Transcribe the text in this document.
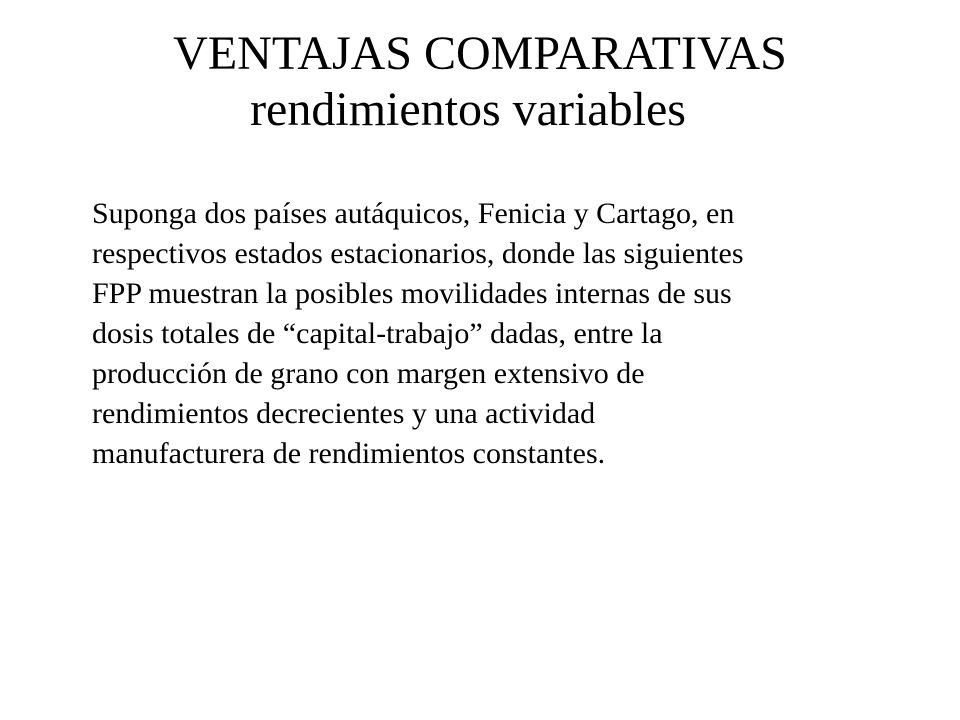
VENTAJAS COMPARATIVAS
rendimientos variables

Suponga dos países autáquicos, Fenicia y Cartago, en
respectivos estados estacionarios, donde las siguientes
FPP muestran la posibles movilidades internas de sus
dosis totales de “capital-trabajo” dadas, entre la
producción de grano con margen extensivo de
rendimientos decrecientes y una actividad
manufacturera de rendimientos constantes.
